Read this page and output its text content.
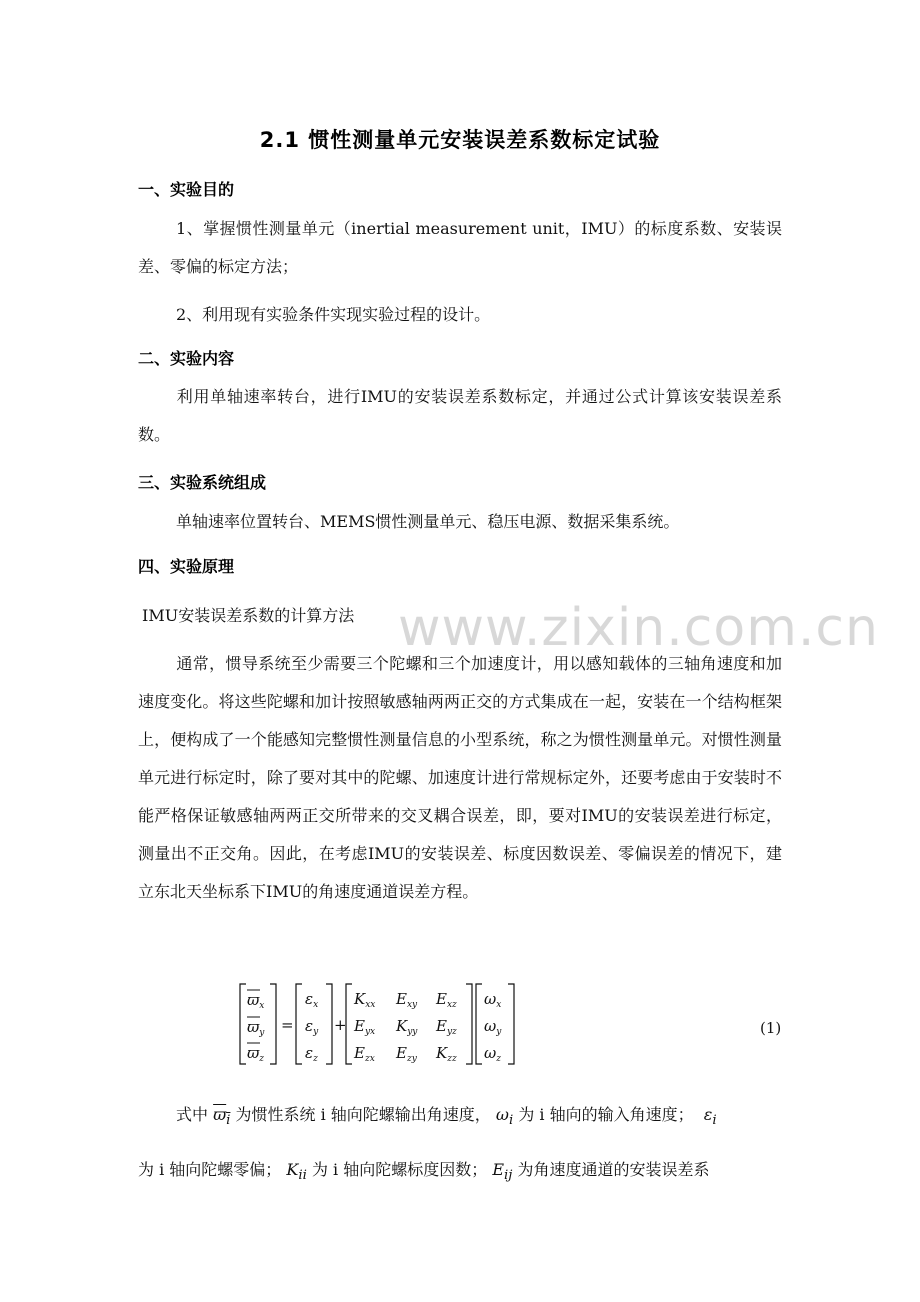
www.zixin.com.cn
2.1 惯性测量单元安装误差系数标定试验
一、实验目的
1、掌握惯性测量单元（inertial measurement unit，IMU）的标度系数、安装误差、零偏的标定方法；
2、利用现有实验条件实现实验过程的设计。
二、实验内容
利用单轴速率转台，进行IMU的安装误差系数标定，并通过公式计算该安装误差系数。
三、实验系统组成
单轴速率位置转台、MEMS惯性测量单元、稳压电源、数据采集系统。
四、实验原理
IMU安装误差系数的计算方法
通常，惯导系统至少需要三个陀螺和三个加速度计，用以感知载体的三轴角速度和加速度变化。将这些陀螺和加计按照敏感轴两两正交的方式集成在一起，安装在一个结构框架上，便构成了一个能感知完整惯性测量信息的小型系统，称之为惯性测量单元。对惯性测量单元进行标定时，除了要对其中的陀螺、加速度计进行常规标定外，还要考虑由于安装时不能严格保证敏感轴两两正交所带来的交叉耦合误差，即，要对IMU的安装误差进行标定，测量出不正交角。因此，在考虑IMU的安装误差、标度因数误差、零偏误差的情况下，建立东北天坐标系下IMU的角速度通道误差方程。
$ϖ_x$
$ϖ_y$
$ϖ_z$
=
$\varepsilon_x$
$\varepsilon_y$
$\varepsilon_z$
+
$K_{xx}$ $E_{xy}$ $E_{xz}$
$E_{yx}$ $K_{yy}$ $E_{yz}$
$E_{zx}$ $E_{zy}$ $K_{zz}$
$\omega_x$
$\omega_y$
$\omega_z$
(1)
式中 $ϖ_i$ 为惯性系统 i 轴向陀螺输出角速度， $\omega_i$ 为 i 轴向的输入角速度；  $\varepsilon_i$
为 i 轴向陀螺零偏； $K_{ii}$ 为 i 轴向陀螺标度因数； $E_{ij}$ 为角速度通道的安装误差系
